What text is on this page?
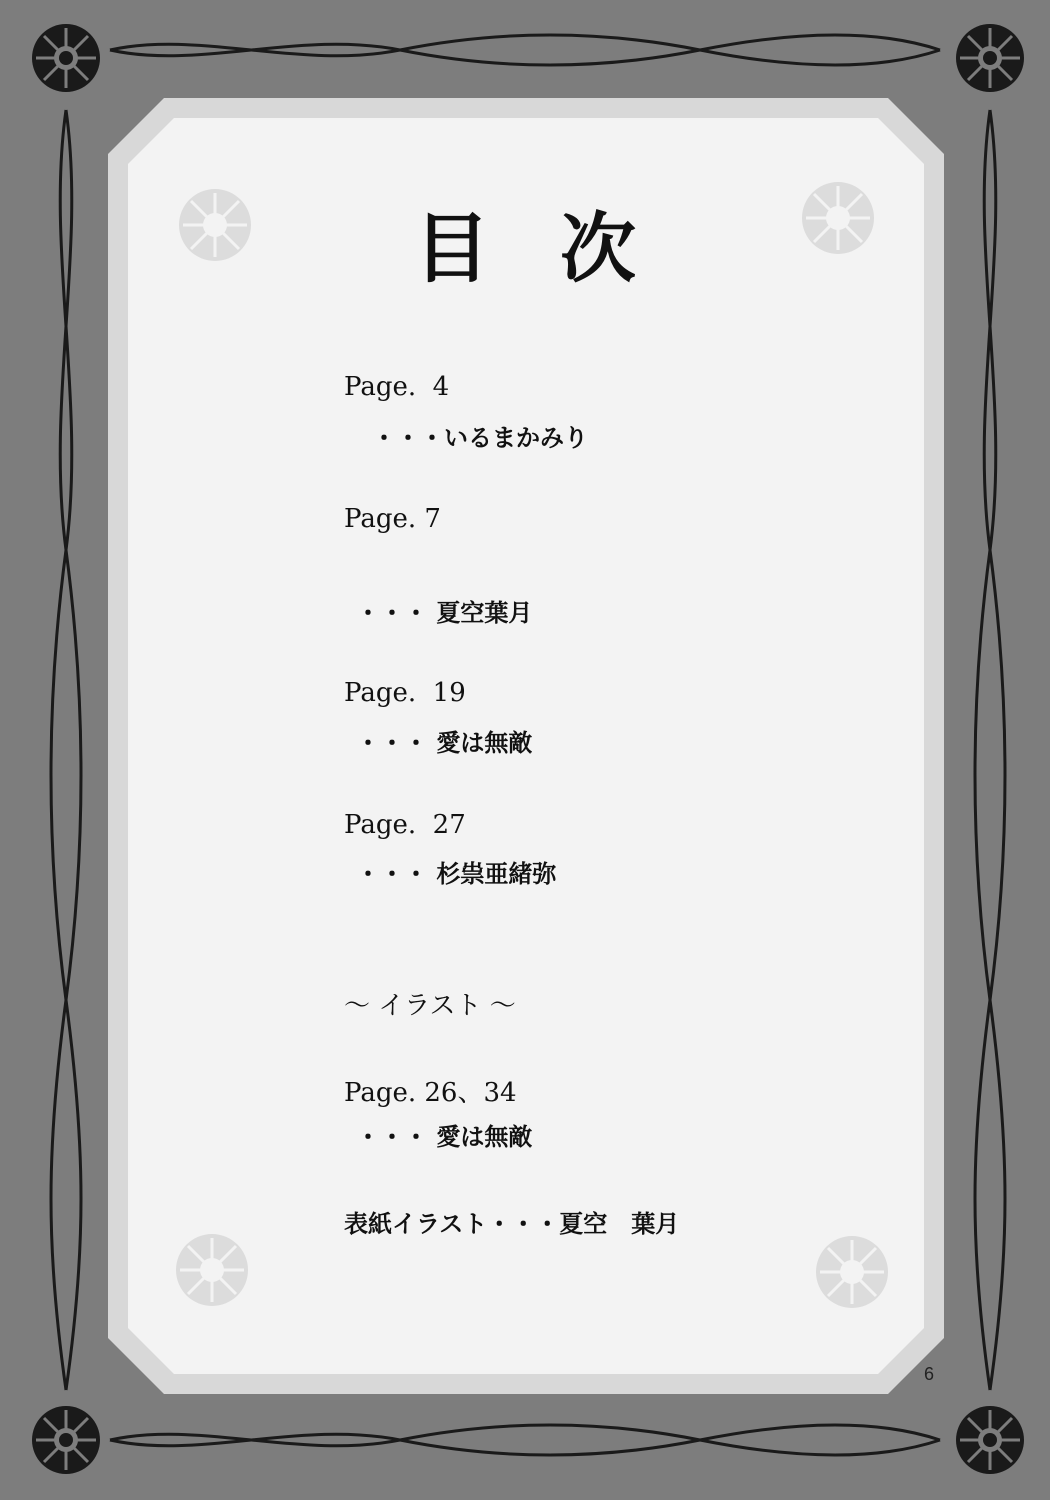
目次
Page.  4
・・・いるまかみり
Page. 7
・・・ 夏空葉月
Page.  19
・・・ 愛は無敵
Page.  27
・・・ 杉祟亜緒弥
～ イラスト ～
Page. 26、34
・・・ 愛は無敵
表紙イラスト・・・夏空　葉月
6
